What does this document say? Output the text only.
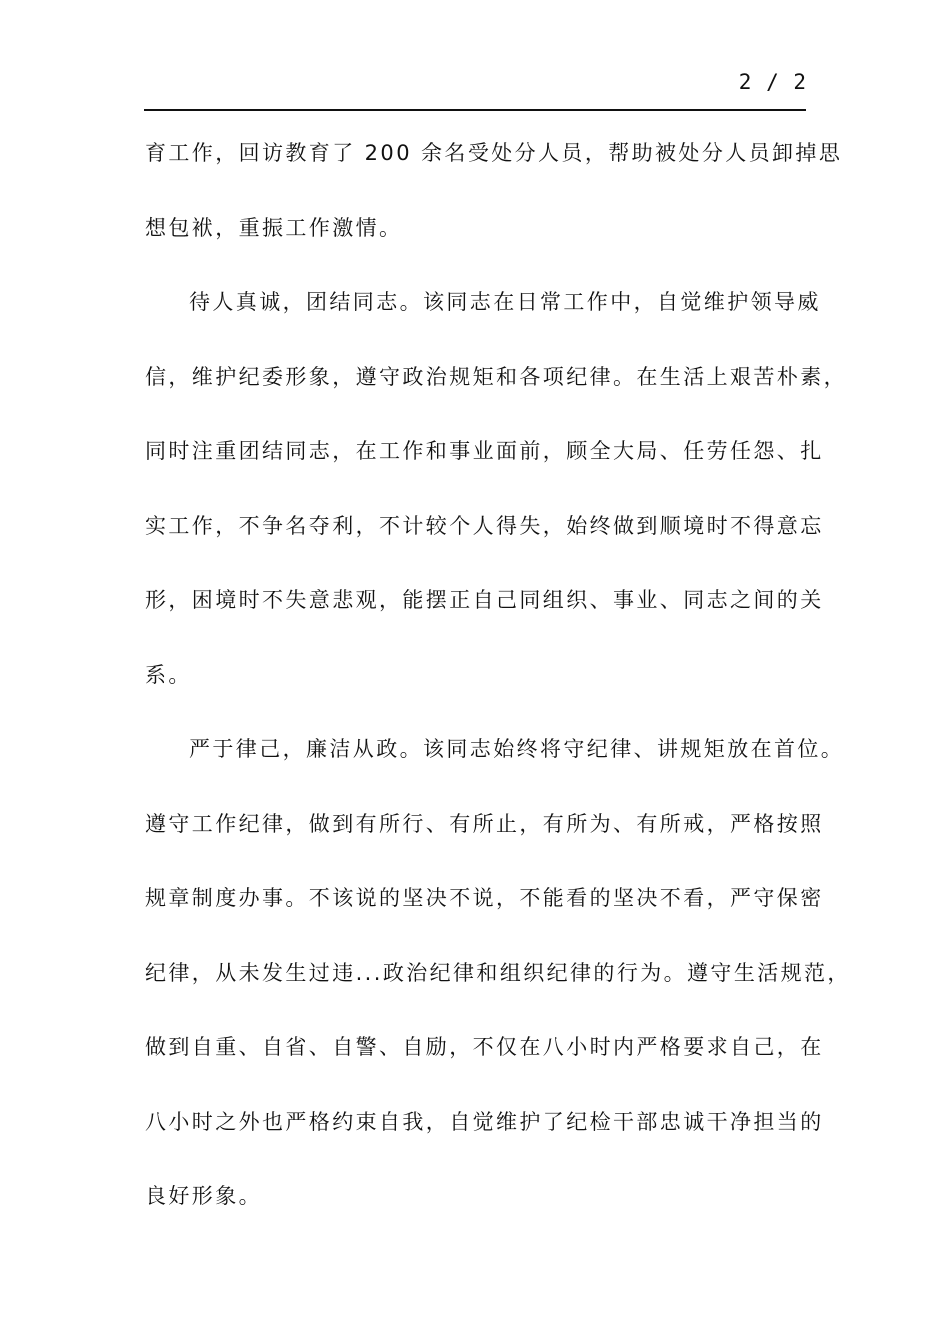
2 / 2
育工作，回访教育了 200 余名受处分人员，帮助被处分人员卸掉思
想包袱，重振工作激情。
待人真诚，团结同志。该同志在日常工作中，自觉维护领导威
信，维护纪委形象，遵守政治规矩和各项纪律。在生活上艰苦朴素，
同时注重团结同志，在工作和事业面前，顾全大局、任劳任怨、扎
实工作，不争名夺利，不计较个人得失，始终做到顺境时不得意忘
形，困境时不失意悲观，能摆正自己同组织、事业、同志之间的关
系。
严于律己，廉洁从政。该同志始终将守纪律、讲规矩放在首位。
遵守工作纪律，做到有所行、有所止，有所为、有所戒，严格按照
规章制度办事。不该说的坚决不说，不能看的坚决不看，严守保密
纪律，从未发生过违...政治纪律和组织纪律的行为。遵守生活规范，
做到自重、自省、自警、自励，不仅在八小时内严格要求自己，在
八小时之外也严格约束自我，自觉维护了纪检干部忠诚干净担当的
良好形象。
